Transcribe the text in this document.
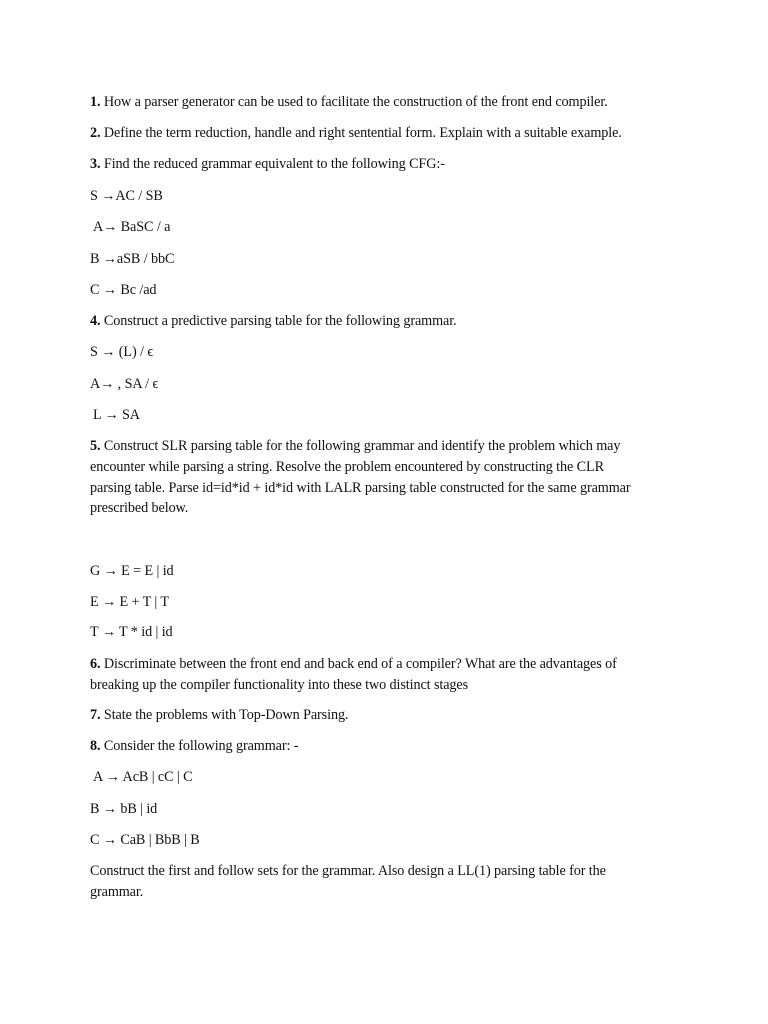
1. How a parser generator can be used to facilitate the construction of the front end compiler.
2. Define the term reduction, handle and right sentential form. Explain with a suitable example.
3. Find the reduced grammar equivalent to the following CFG:-
S →AC / SB
A→ BaSC / a
B →aSB / bbC
C → Bc /ad
4. Construct a predictive parsing table for the following grammar.
S → (L) / ϵ
A→ , SA / ϵ
L → SA
5. Construct SLR parsing table for the following grammar and identify the problem which may
encounter while parsing a string. Resolve the problem encountered by constructing the CLR
parsing table. Parse id=id*id + id*id with LALR parsing table constructed for the same grammar
prescribed below.
G → E = E | id
E → E + T | T
T → T * id | id
6. Discriminate between the front end and back end of a compiler? What are the advantages of
breaking up the compiler functionality into these two distinct stages
7. State the problems with Top-Down Parsing.
8. Consider the following grammar: -
A → AcB | cC | C
B → bB | id
C → CaB | BbB | B
Construct the first and follow sets for the grammar. Also design a LL(1) parsing table for the
grammar.
